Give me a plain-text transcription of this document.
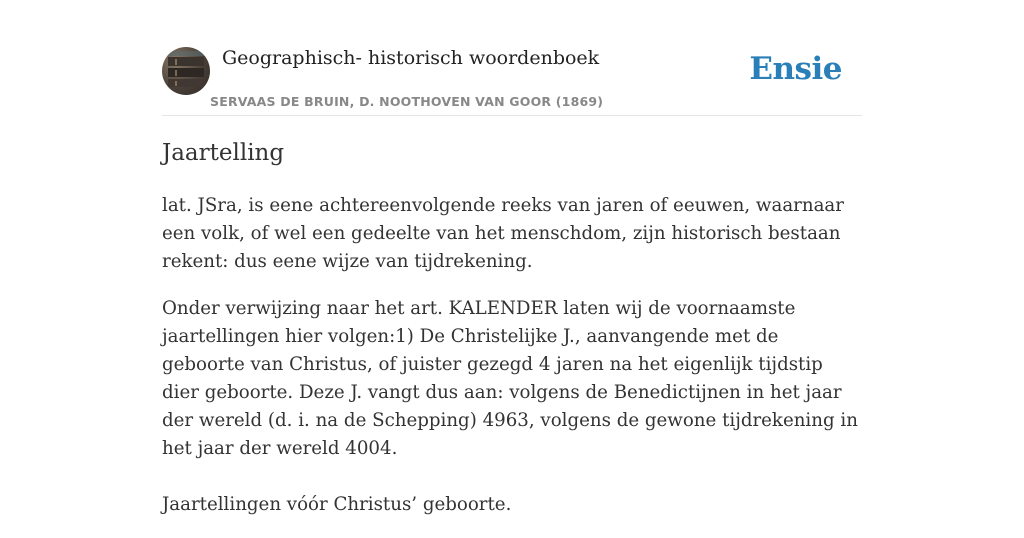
Geographisch- historisch woordenboek
SERVAAS DE BRUIN, D. NOOTHOVEN VAN GOOR (1869)
Ensie
Jaartelling

lat. JSra, is eene achtereenvolgende reeks van jaren of eeuwen, waarnaar een volk, of wel een gedeelte van het menschdom, zijn historisch bestaan rekent: dus eene wijze van tijdrekening.

Onder verwijzing naar het art. KALENDER laten wij de voornaamste jaartellingen hier volgen:1) De Christelijke J., aanvangende met de geboorte van Christus, of juister gezegd 4 jaren na het eigenlijk tijdstip dier geboorte. Deze J. vangt dus aan: volgens de Benedictijnen in het jaar der wereld (d. i. na de Schepping) 4963, volgens de gewone tijdrekening in het jaar der wereld 4004.

Jaartellingen vóór Christus’ geboorte.
